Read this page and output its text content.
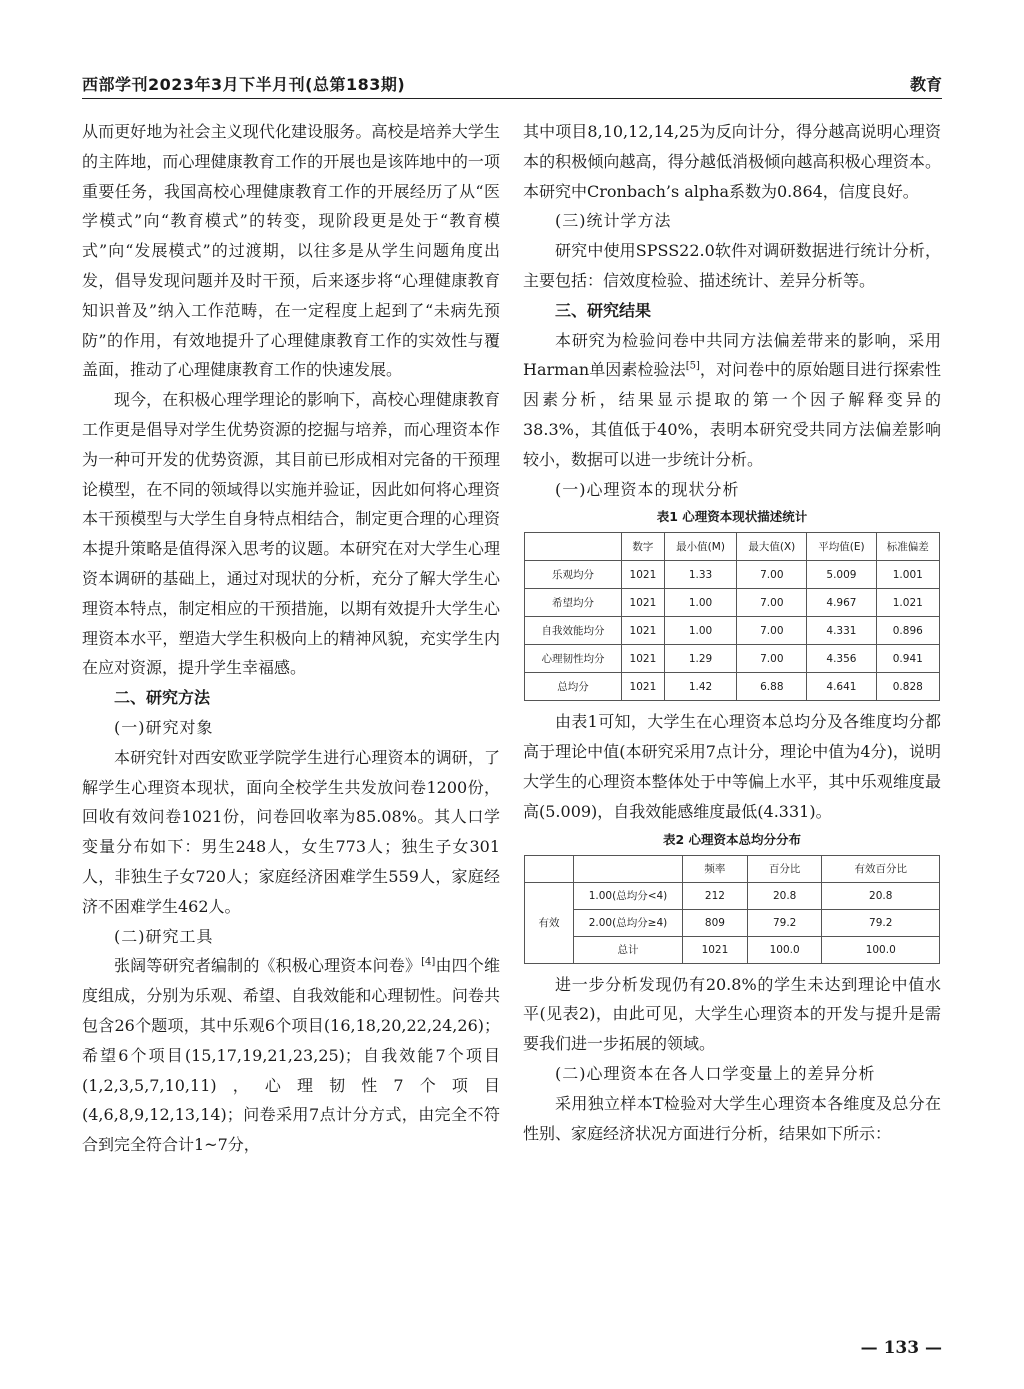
西部学刊2023年3月下半月刊(总第183期)	教育

从而更好地为社会主义现代化建设服务。高校是培养大学生的主阵地，而心理健康教育工作的开展也是该阵地中的一项重要任务，我国高校心理健康教育工作的开展经历了从“医学模式”向“教育模式”的转变，现阶段更是处于“教育模式”向“发展模式”的过渡期，以往多是从学生问题角度出发，倡导发现问题并及时干预，后来逐步将“心理健康教育知识普及”纳入工作范畴，在一定程度上起到了“未病先预防”的作用，有效地提升了心理健康教育工作的实效性与覆盖面，推动了心理健康教育工作的快速发展。

现今，在积极心理学理论的影响下，高校心理健康教育工作更是倡导对学生优势资源的挖掘与培养，而心理资本作为一种可开发的优势资源，其目前已形成相对完备的干预理论模型，在不同的领域得以实施并验证，因此如何将心理资本干预模型与大学生自身特点相结合，制定更合理的心理资本提升策略是值得深入思考的议题。本研究在对大学生心理资本调研的基础上，通过对现状的分析，充分了解大学生心理资本特点，制定相应的干预措施，以期有效提升大学生心理资本水平，塑造大学生积极向上的精神风貌，充实学生内在应对资源，提升学生幸福感。

二、研究方法
(一)研究对象

本研究针对西安欧亚学院学生进行心理资本的调研，了解学生心理资本现状，面向全校学生共发放问卷1200份，回收有效问卷1021份，问卷回收率为85.08%。其人口学变量分布如下：男生248人，女生773人；独生子女301人，非独生子女720人；家庭经济困难学生559人，家庭经济不困难学生462人。

(二)研究工具

张阔等研究者编制的《积极心理资本问卷》[4]由四个维度组成，分别为乐观、希望、自我效能和心理韧性。问卷共包含26个题项，其中乐观6个项目(16,18,20,22,24,26)；希望6个项目(15,17,19,21,23,25)；自我效能7个项目(1,2,3,5,7,10,11)，心理韧性7个项目(4,6,8,9,12,13,14)；问卷采用7点计分方式，由完全不符合到完全符合计1~7分，

其中项目8,10,12,14,25为反向计分，得分越高说明心理资本的积极倾向越高，得分越低消极倾向越高积极心理资本。本研究中Cronbach’s alpha系数为0.864，信度良好。

(三)统计学方法

研究中使用SPSS22.0软件对调研数据进行统计分析，主要包括：信效度检验、描述统计、差异分析等。

三、研究结果

本研究为检验问卷中共同方法偏差带来的影响，采用Harman单因素检验法[5]，对问卷中的原始题目进行探索性因素分析，结果显示提取的第一个因子解释变异的38.3%，其值低于40%，表明本研究受共同方法偏差影响较小，数据可以进一步统计分析。

(一)心理资本的现状分析
表1 心理资本现状描述统计
	数字	最小值(M)	最大值(X)	平均值(E)	标准偏差
乐观均分	1021	1.33	7.00	5.009	1.001
希望均分	1021	1.00	7.00	4.967	1.021
自我效能均分	1021	1.00	7.00	4.331	0.896
心理韧性均分	1021	1.29	7.00	4.356	0.941
总均分	1021	1.42	6.88	4.641	0.828

由表1可知，大学生在心理资本总均分及各维度均分都高于理论中值(本研究采用7点计分，理论中值为4分)，说明大学生的心理资本整体处于中等偏上水平，其中乐观维度最高(5.009)，自我效能感维度最低(4.331)。

表2 心理资本总均分分布
		频率	百分比	有效百分比
有效	1.00(总均分<4)	212	20.8	20.8
	2.00(总均分≥4)	809	79.2	79.2
	总计	1021	100.0	100.0

进一步分析发现仍有20.8%的学生未达到理论中值水平(见表2)，由此可见，大学生心理资本的开发与提升是需要我们进一步拓展的领域。

(二)心理资本在各人口学变量上的差异分析

采用独立样本T检验对大学生心理资本各维度及总分在性别、家庭经济状况方面进行分析，结果如下所示：

— 133 —
